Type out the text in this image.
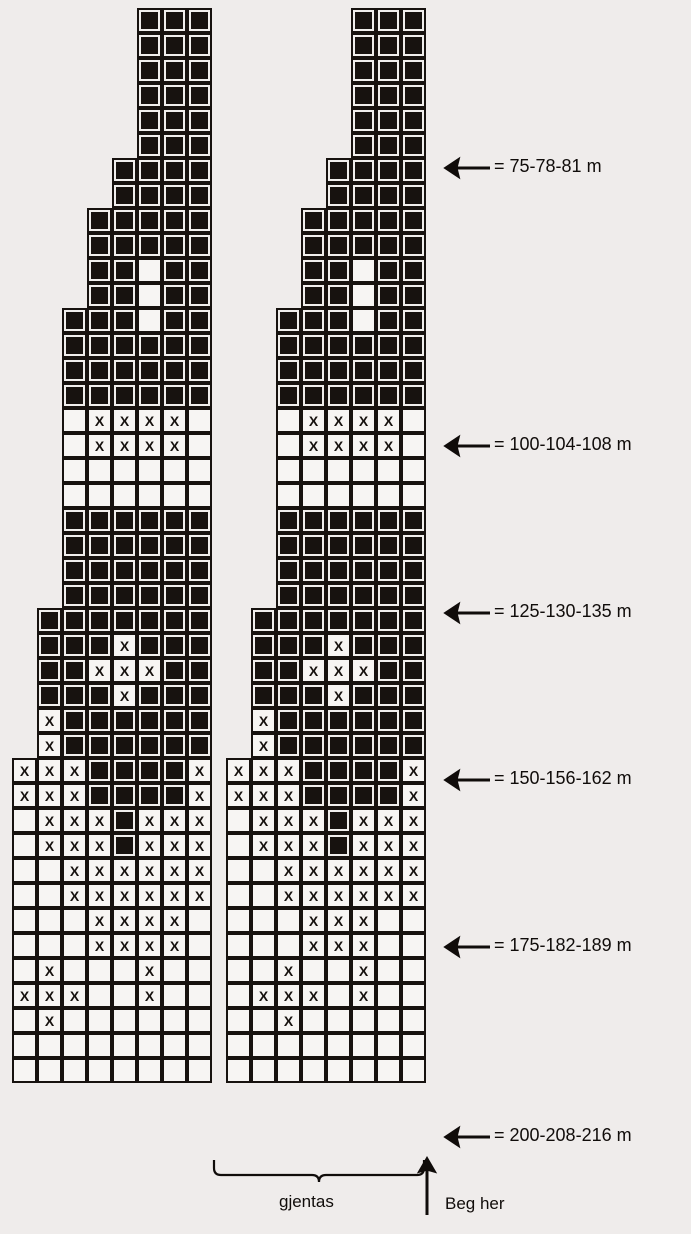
X	X	X	X	X	X	X	X
X	X	X	X	X	X	X	X
X	X
X	X	X	X	X	X
X	X
X	X
X	X
X	X	X	X	X	X	X	X
X	X	X	X	X	X	X	X
X	X	X	X	X	X	X	X	X	X	X	X
X	X	X	X	X	X	X	X	X	X	X	X
X	X	X	X	X	X	X	X	X	X	X	X
X	X	X	X	X	X	X	X	X	X	X	X
X	X	X	X	X	X	X
X	X	X	X	X	X	X
X	X	X	X
X	X	X	X	X	X	X	X
X	X
= 75-78-81 m
= 100-104-108 m
= 125-130-135 m
= 150-156-162 m
= 175-182-189 m
= 200-208-216 m
gjentas	Beg her
